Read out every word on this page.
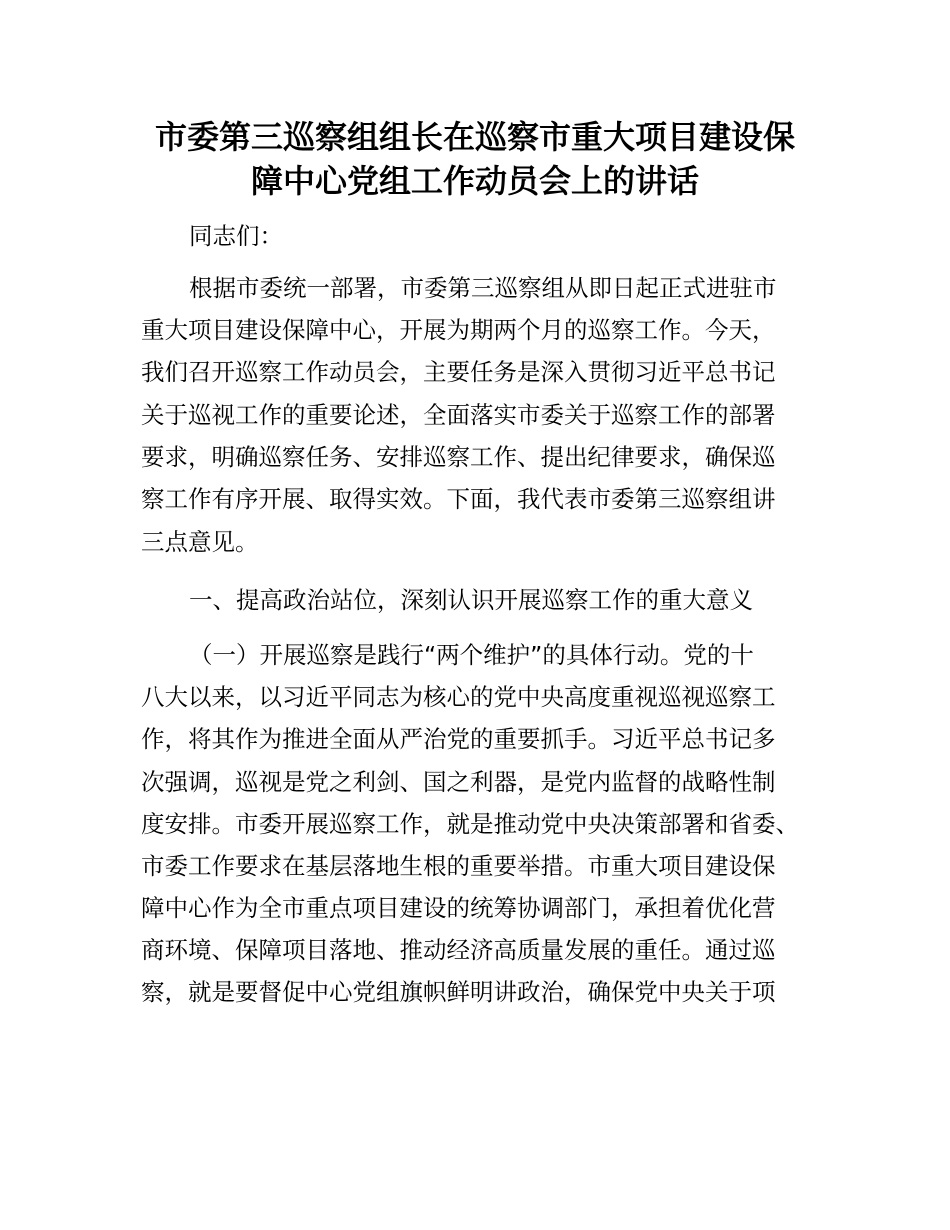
市委第三巡察组组长在巡察市重大项目建设保
障中心党组工作动员会上的讲话

同志们：

根据市委统一部署，市委第三巡察组从即日起正式进驻市

重大项目建设保障中心，开展为期两个月的巡察工作。今天，

我们召开巡察工作动员会，主要任务是深入贯彻习近平总书记

关于巡视工作的重要论述，全面落实市委关于巡察工作的部署

要求，明确巡察任务、安排巡察工作、提出纪律要求，确保巡

察工作有序开展、取得实效。下面，我代表市委第三巡察组讲

三点意见。

一、提高政治站位，深刻认识开展巡察工作的重大意义

（一）开展巡察是践行“两个维护”的具体行动。党的十

八大以来，以习近平同志为核心的党中央高度重视巡视巡察工

作，将其作为推进全面从严治党的重要抓手。习近平总书记多

次强调，巡视是党之利剑、国之利器，是党内监督的战略性制

度安排。市委开展巡察工作，就是推动党中央决策部署和省委、

市委工作要求在基层落地生根的重要举措。市重大项目建设保

障中心作为全市重点项目建设的统筹协调部门，承担着优化营

商环境、保障项目落地、推动经济高质量发展的重任。通过巡

察，就是要督促中心党组旗帜鲜明讲政治，确保党中央关于项
